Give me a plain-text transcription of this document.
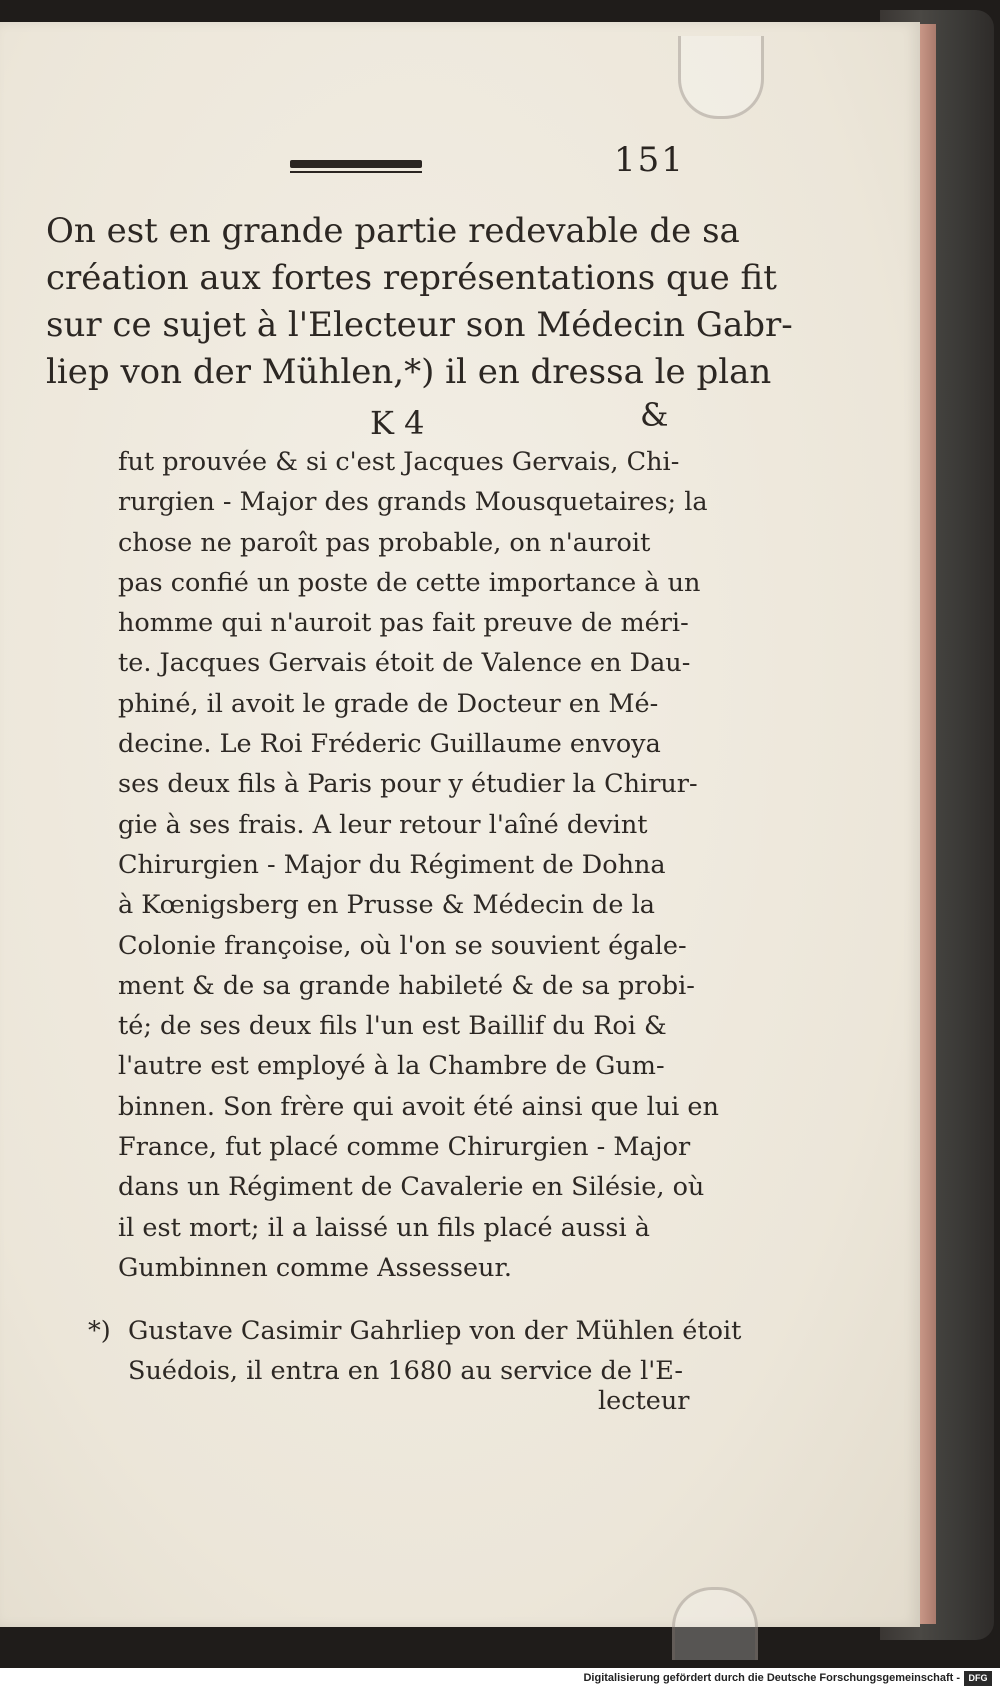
151

On est en grande partie redevable de sa
création aux fortes représentations que fit
sur ce sujet à l'Electeur son Médecin Gabr-
liep von der Mühlen,*) il en dressa le plan

K 4	&

fut prouvée & si c'est Jacques Gervais, Chi-
rurgien - Major des grands Mousquetaires; la
chose ne paroît pas probable, on n'auroit
pas confié un poste de cette importance à un
homme qui n'auroit pas fait preuve de méri-
te. Jacques Gervais étoit de Valence en Dau-
phiné, il avoit le grade de Docteur en Mé-
decine. Le Roi Fréderic Guillaume envoya
ses deux fils à Paris pour y étudier la Chirur-
gie à ses frais. A leur retour l'aîné devint
Chirurgien - Major du Régiment de Dohna
à Kœnigsberg en Prusse & Médecin de la
Colonie françoise, où l'on se souvient égale-
ment & de sa grande habileté & de sa probi-
té; de ses deux fils l'un est Baillif du Roi &
l'autre est employé à la Chambre de Gum-
binnen. Son frère qui avoit été ainsi que lui en
France, fut placé comme Chirurgien - Major
dans un Régiment de Cavalerie en Silésie, où
il est mort; il a laissé un fils placé aussi à
Gumbinnen comme Assesseur.

*) Gustave Casimir Gahrliep von der Mühlen étoit
Suédois, il entra en 1680 au service de l'E-
lecteur
Digitalisierung gefördert durch die Deutsche Forschungsgemeinschaft - DFG
